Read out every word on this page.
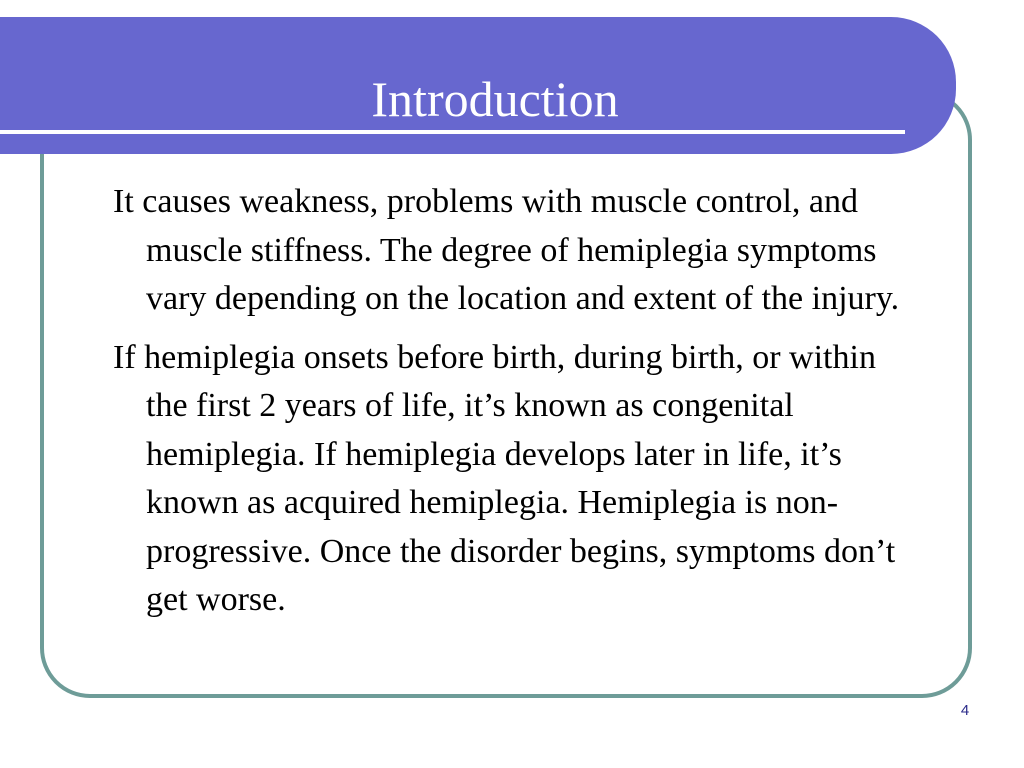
Introduction

It causes weakness, problems with muscle control, and muscle stiffness. The degree of hemiplegia symptoms vary depending on the location and extent of the injury.

If hemiplegia onsets before birth, during birth, or within the first 2 years of life, it’s known as congenital hemiplegia. If hemiplegia develops later in life, it’s known as acquired hemiplegia. Hemiplegia is non-progressive. Once the disorder begins, symptoms don’t get worse.

4
